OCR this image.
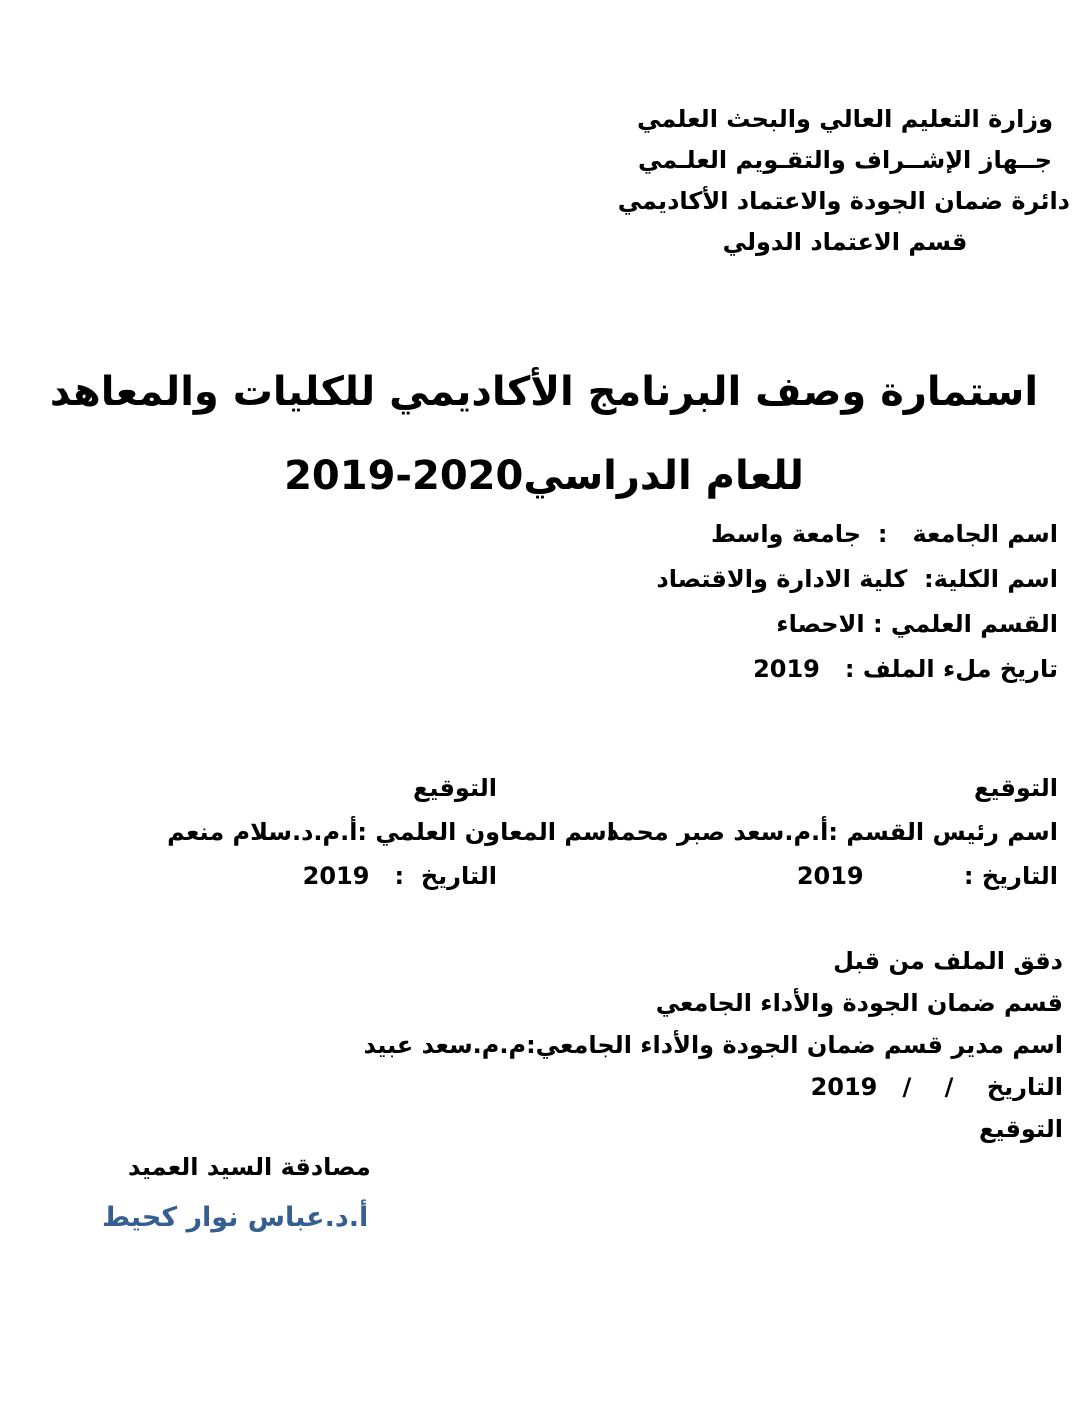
وزارة التعليم العالي والبحث العلمي
جــهاز الإشــراف والتقـويم العلـمي
دائرة ضمان الجودة والاعتماد الأكاديمي
قسم الاعتماد الدولي
استمارة وصف البرنامج الأكاديمي للكليات والمعاهد
للعام الدراسي2020-2019
اسم الجامعة   :  جامعة واسط
اسم الكلية:  كلية الادارة والاقتصاد
القسم العلمي : الاحصاء
تاريخ ملء الملف :   2019
التوقيع
اسم رئيس القسم :أ.م.سعد صبر محمد
التاريخ :            2019
التوقيع
اسم المعاون العلمي :أ.م.د.سلام منعم
التاريخ  :   2019
دقق الملف من قبل
قسم ضمان الجودة والأداء الجامعي
اسم مدير قسم ضمان الجودة والأداء الجامعي:م.م.سعد عبيد
التاريخ    /    /   2019
التوقيع
مصادقة السيد العميد
أ.د.عباس نوار كحيط
